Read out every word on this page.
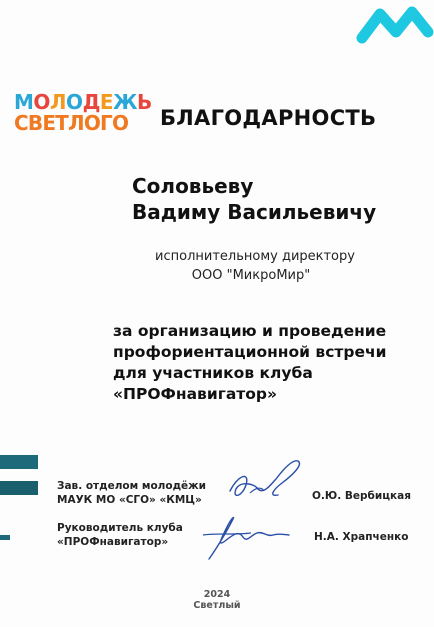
МОЛОДЕЖЬ
СВЕТЛОГО	БЛАГОДАРНОСТЬ
Соловьеву
Вадиму Васильевичу
исполнительному директору
ООО "МикроМир"
за организацию и проведение
профориентационной встречи
для участников клуба
«ПРОФнавигатор»
Зав. отделом молодёжи
МАУК МО «СГО» «КМЦ»	О.Ю. Вербицкая
Руководитель клуба
«ПРОФнавигатор»	Н.А. Храпченко
2024
Светлый
